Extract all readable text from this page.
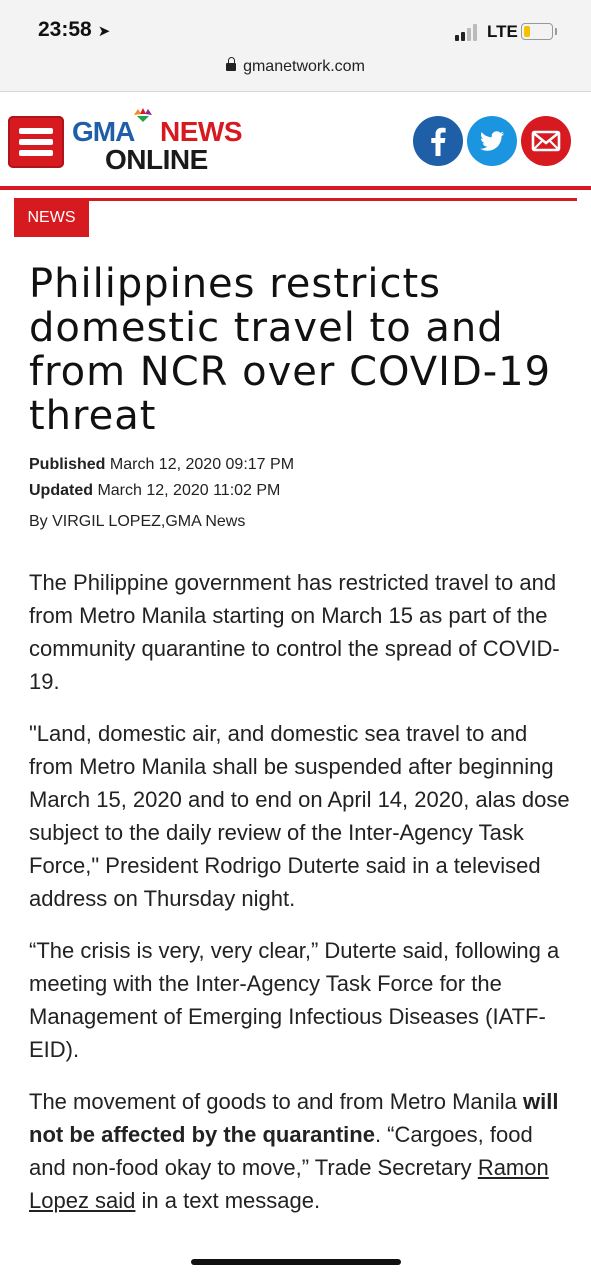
23:58 ➤	LTE
gmanetwork.com
GMA NEWS
ONLINE
NEWS
Philippines restricts domestic travel to and from NCR over COVID-19 threat
Published March 12, 2020 09:17 PM
Updated March 12, 2020 11:02 PM
By VIRGIL LOPEZ,GMA News

The Philippine government has restricted travel to and from Metro Manila starting on March 15 as part of the community quarantine to control the spread of COVID-19.

"Land, domestic air, and domestic sea travel to and from Metro Manila shall be suspended after beginning March 15, 2020 and to end on April 14, 2020, alas dose subject to the daily review of the Inter-Agency Task Force," President Rodrigo Duterte said in a televised address on Thursday night.

“The crisis is very, very clear,” Duterte said, following a meeting with the Inter-Agency Task Force for the Management of Emerging Infectious Diseases (IATF-EID).

The movement of goods to and from Metro Manila will not be affected by the quarantine. “Cargoes, food and non-food okay to move,” Trade Secretary Ramon Lopez said in a text message.
